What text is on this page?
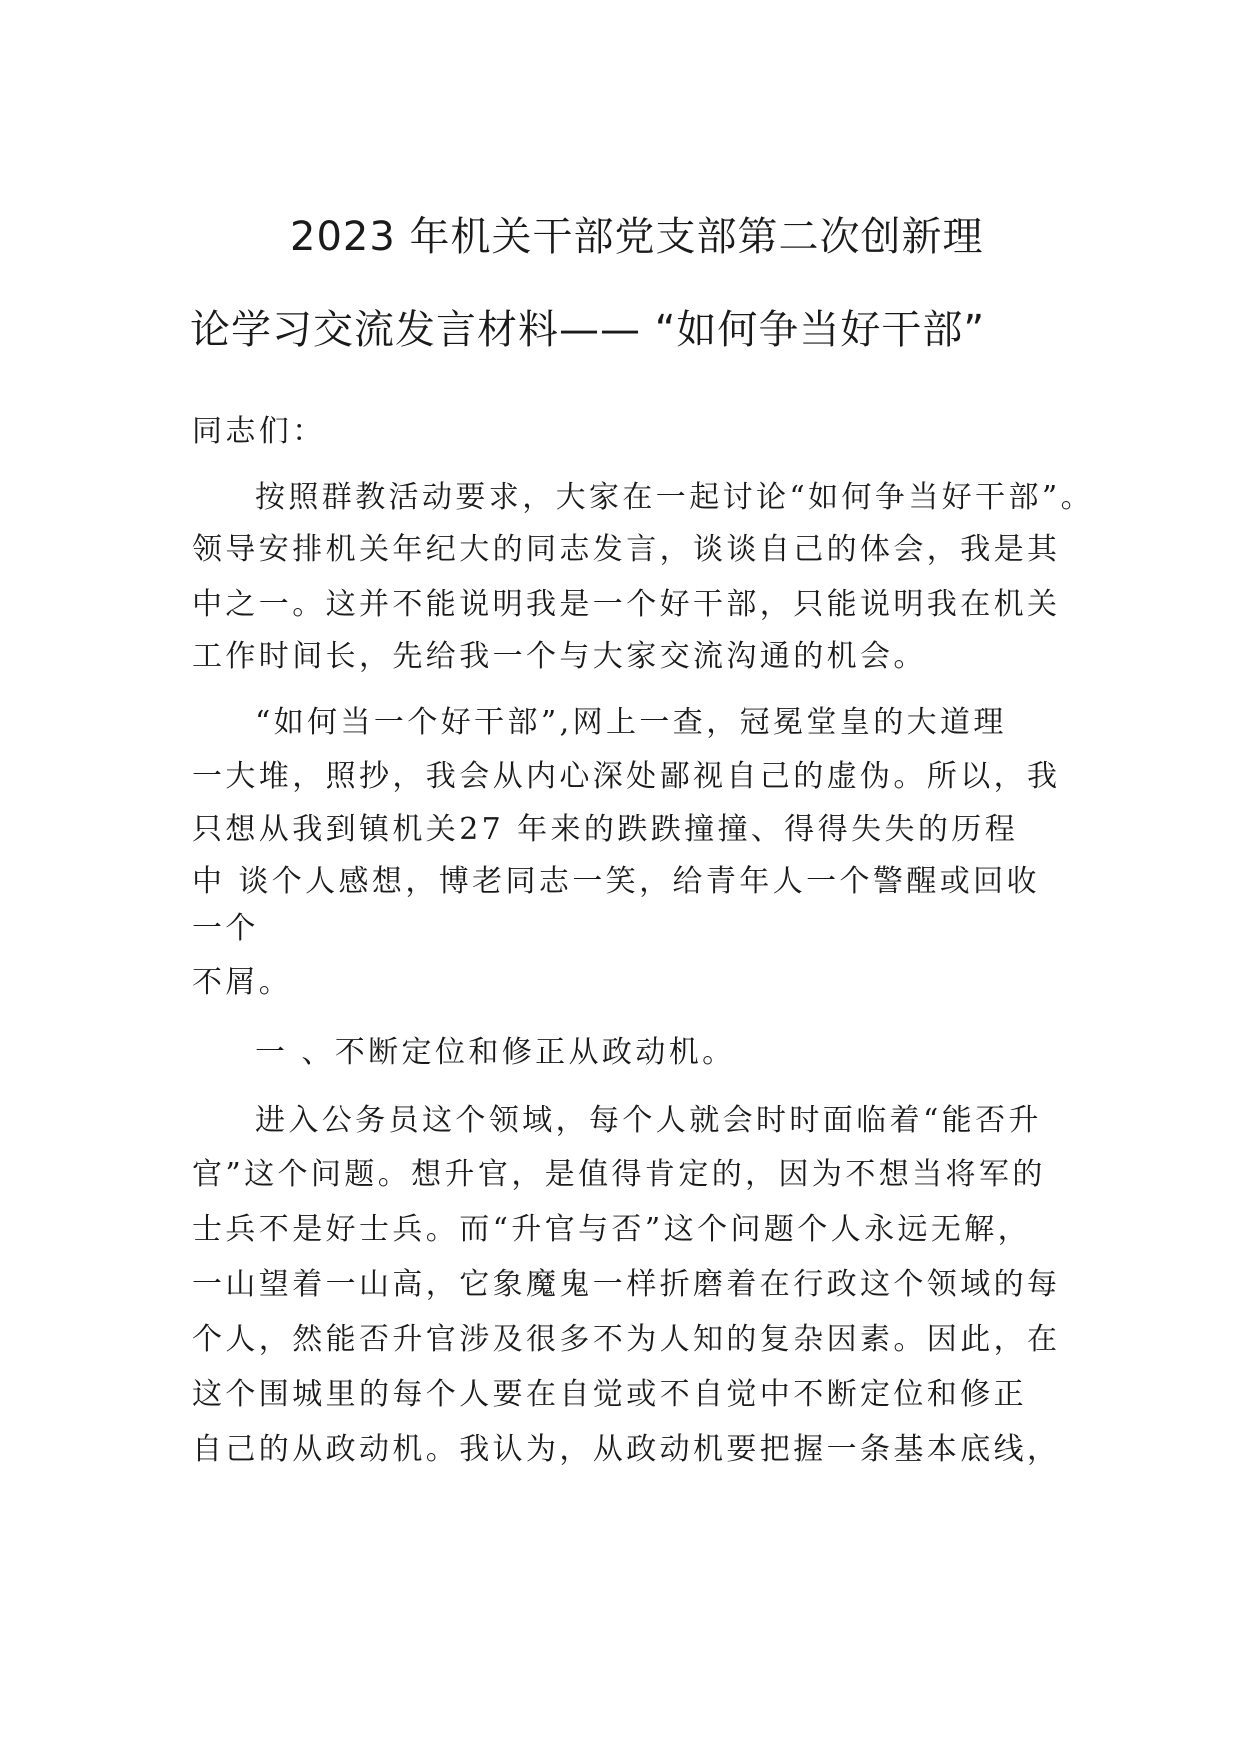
2023 年机关干部党支部第二次创新理
论学习交流发言材料—— “如何争当好干部”
同志们：
按照群教活动要求，大家在一起讨论“如何争当好干部”。
领导安排机关年纪大的同志发言，谈谈自己的体会，我是其
中之一。这并不能说明我是一个好干部，只能说明我在机关
工作时间长，先给我一个与大家交流沟通的机会。
“如何当一个好干部”,网上一查，冠冕堂皇的大道理
一大堆，照抄，我会从内心深处鄙视自己的虚伪。所以，我
只想从我到镇机关27 年来的跌跌撞撞、得得失失的历程
中 谈个人感想，博老同志一笑，给青年人一个警醒或回收
一个
不屑。
一 、不断定位和修正从政动机。
进入公务员这个领域，每个人就会时时面临着“能否升
官”这个问题。想升官，是值得肯定的，因为不想当将军的
士兵不是好士兵。而“升官与否”这个问题个人永远无解，
一山望着一山高，它象魔鬼一样折磨着在行政这个领域的每
个人，然能否升官涉及很多不为人知的复杂因素。因此，在
这个围城里的每个人要在自觉或不自觉中不断定位和修正
自己的从政动机。我认为，从政动机要把握一条基本底线，
